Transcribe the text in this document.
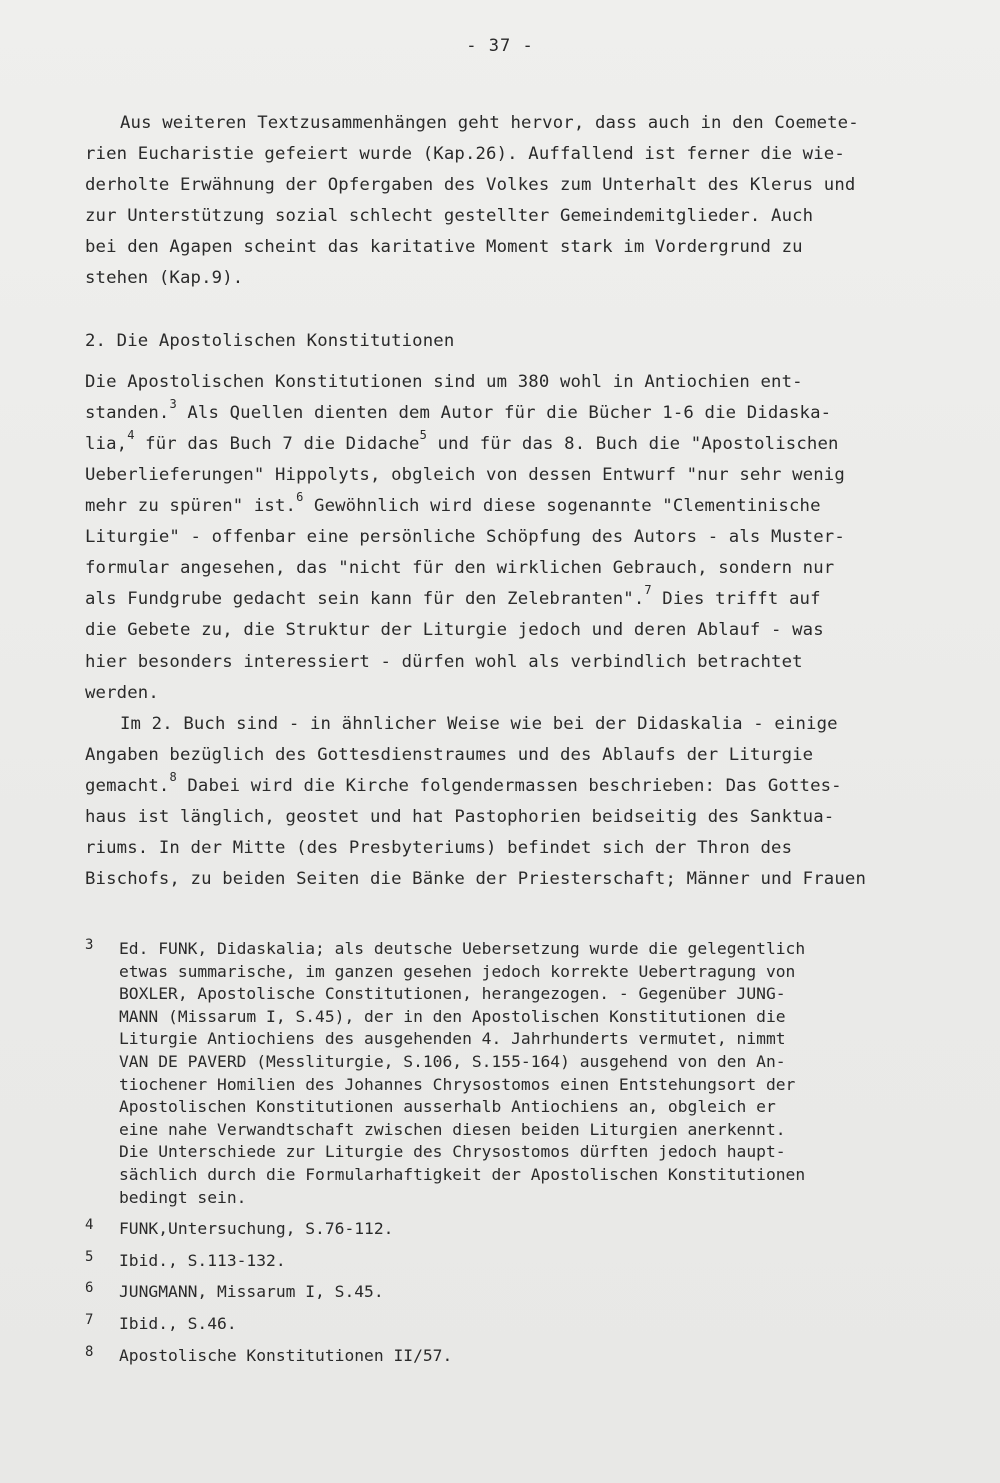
- 37 -
Aus weiteren Textzusammenhängen geht hervor, dass auch in den Coemete-
rien Eucharistie gefeiert wurde (Kap.26). Auffallend ist ferner die wie-
derholte Erwähnung der Opfergaben des Volkes zum Unterhalt des Klerus und
zur Unterstützung sozial schlecht gestellter Gemeindemitglieder. Auch
bei den Agapen scheint das karitative Moment stark im Vordergrund zu
stehen (Kap.9).
2. Die Apostolischen Konstitutionen
Die Apostolischen Konstitutionen sind um 380 wohl in Antiochien ent-
standen.$^3$ Als Quellen dienten dem Autor für die Bücher 1-6 die Didaska-
lia,$^4$ für das Buch 7 die Didache$^5$ und für das 8. Buch die "Apostolischen
Ueberlieferungen" Hippolyts, obgleich von dessen Entwurf "nur sehr wenig
mehr zu spüren" ist.$^6$ Gewöhnlich wird diese sogenannte "Clementinische
Liturgie" - offenbar eine persönliche Schöpfung des Autors - als Muster-
formular angesehen, das "nicht für den wirklichen Gebrauch, sondern nur
als Fundgrube gedacht sein kann für den Zelebranten".$^7$ Dies trifft auf
die Gebete zu, die Struktur der Liturgie jedoch und deren Ablauf - was
hier besonders interessiert - dürfen wohl als verbindlich betrachtet
werden.
Im 2. Buch sind - in ähnlicher Weise wie bei der Didaskalia - einige
Angaben bezüglich des Gottesdienstraumes und des Ablaufs der Liturgie
gemacht.$^8$ Dabei wird die Kirche folgendermassen beschrieben: Das Gottes-
haus ist länglich, geostet und hat Pastophorien beidseitig des Sanktua-
riums. In der Mitte (des Presbyteriums) befindet sich der Thron des
Bischofs, zu beiden Seiten die Bänke der Priesterschaft; Männer und Frauen
3 Ed. FUNK, Didaskalia; als deutsche Uebersetzung wurde die gelegentlich
etwas summarische, im ganzen gesehen jedoch korrekte Uebertragung von
BOXLER, Apostolische Constitutionen, herangezogen. - Gegenüber JUNG-
MANN (Missarum I, S.45), der in den Apostolischen Konstitutionen die
Liturgie Antiochiens des ausgehenden 4. Jahrhunderts vermutet, nimmt
VAN DE PAVERD (Messliturgie, S.106, S.155-164) ausgehend von den An-
tiochener Homilien des Johannes Chrysostomos einen Entstehungsort der
Apostolischen Konstitutionen ausserhalb Antiochiens an, obgleich er
eine nahe Verwandtschaft zwischen diesen beiden Liturgien anerkennt.
Die Unterschiede zur Liturgie des Chrysostomos dürften jedoch haupt-
sächlich durch die Formularhaftigkeit der Apostolischen Konstitutionen
bedingt sein.
4 FUNK,Untersuchung, S.76-112.
5 Ibid., S.113-132.
6 JUNGMANN, Missarum I, S.45.
7 Ibid., S.46.
8 Apostolische Konstitutionen II/57.
